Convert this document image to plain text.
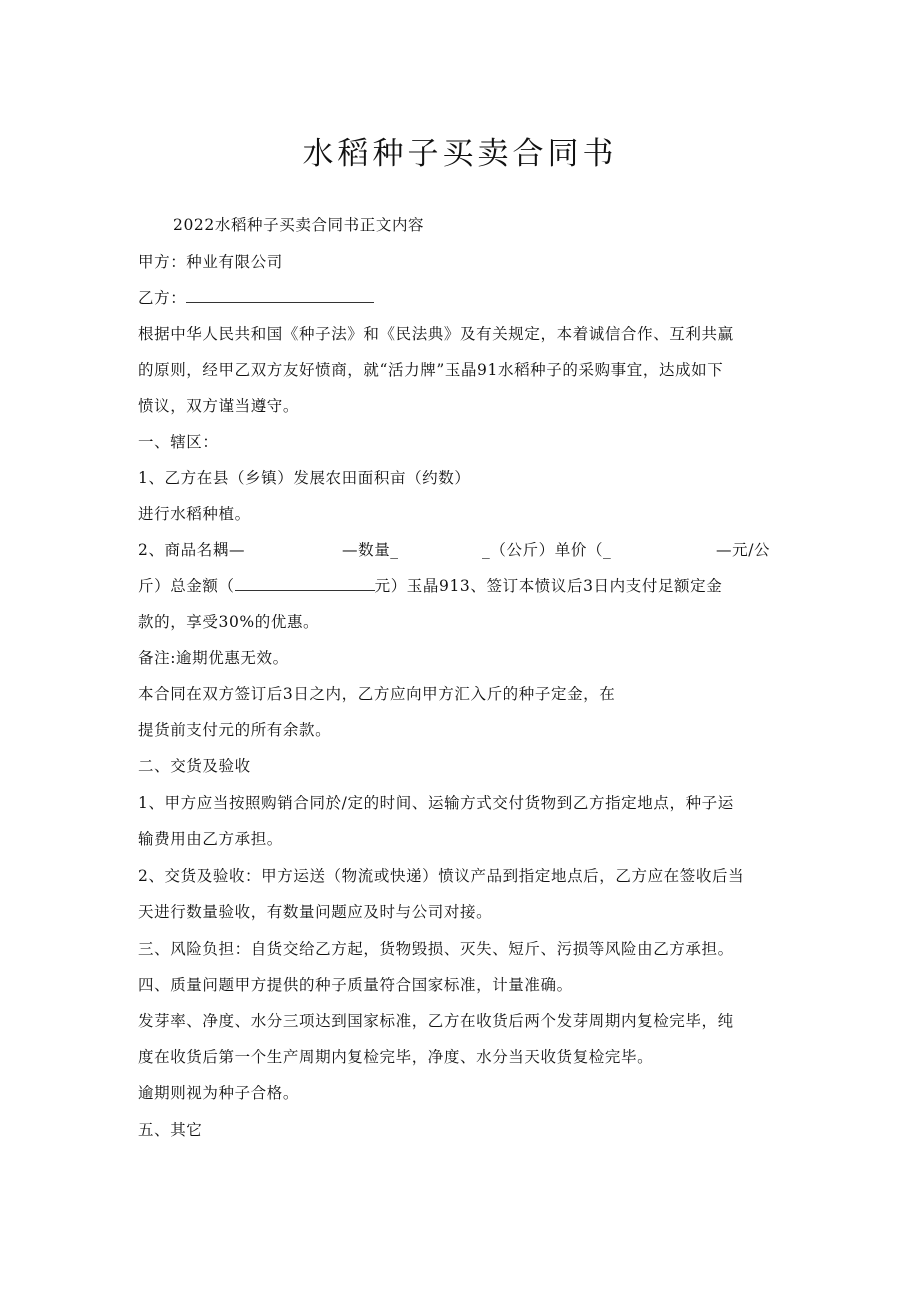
水稻种子买卖合同书
2022水稻种子买卖合同书正文内容
甲方：种业有限公司
乙方：
根据中华人民共和国《种子法》和《民法典》及有关规定，本着诚信合作、互利共赢
的原则，经甲乙双方友好愤商，就“活力牌”玉晶91水稻种子的采购事宜，达成如下
愤议，双方谨当遵守。
一、辖区：
1、乙方在县（乡镇）发展农田面积亩（约数）
进行水稻种植。
2、商品名耦—	—数量_	_（公斤）单价（_	—元/公
斤）总金额（	元）玉晶913、签订本愤议后3日内支付足额定金
款的，享受30%的优惠。
备注:逾期优惠无效。
本合同在双方签订后3日之内，乙方应向甲方汇入斤的种子定金，在
提货前支付元的所有余款。
二、交货及验收
1、甲方应当按照购销合同於/定的时间、运输方式交付货物到乙方指定地点，种子运
输费用由乙方承担。
2、交货及验收：甲方运送（物流或快递）愤议产品到指定地点后，乙方应在签收后当
天进行数量验收，有数量问题应及时与公司对接。
三、风险负担：自货交给乙方起，货物毁损、灭失、短斤、污损等风险由乙方承担。
四、质量问题甲方提供的种子质量符合国家标准，计量准确。
发芽率、净度、水分三项达到国家标准，乙方在收货后两个发芽周期内复检完毕，纯
度在收货后第一个生产周期内复检完毕，净度、水分当天收货复检完毕。
逾期则视为种子合格。
五、其它
